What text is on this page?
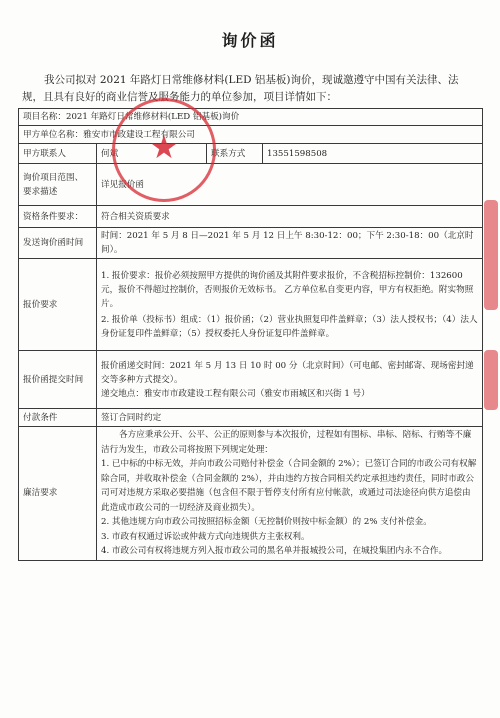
询价函
我公司拟对 2021 年路灯日常维修材料(LED 铝基板)询价，现诚邀遵守中国有关法律、法规，且具有良好的商业信誉及服务能力的单位参加，项目详情如下：
项目名称：2021 年路灯日常维修材料(LED 铝基板)询价			
甲方单位名称：雅安市市政建设工程有限公司			
甲方联系人	何斌	联系方式	13551598508
询价项目范围、
要求描述	详见报价函		
资格条件要求：	符合相关资质要求		
发送询价函时间	时间：2021 年 5 月 8 日—2021 年 5 月 12 日上午 8:30-12：00；下午 2:30-18：00（北京时间）。		
报价要求	1. 报价要求：报价必须按照甲方提供的询价函及其附件要求报价，不含税招标控制价：132600 元，报价不得超过控制价，否则报价无效标书。 乙方单位私自变更内容，甲方有权拒绝。附实物照片。
2. 报价单（投标书）组成：（1）报价函；（2）营业执照复印件盖鲜章；（3）法人授权书；（4）法人身份证复印件盖鲜章；（5）授权委托人身份证复印件盖鲜章。		

报价函提交时间	报价函递交时间：2021 年 5 月 13 日 10 时 00 分（北京时间）（可电邮、密封邮寄、现场密封递交等多种方式提交）。
递交地点：雅安市市政建设工程有限公司（雅安市雨城区和兴街 1 号）		

付款条件	签订合同时约定		
廉洁要求	各方应秉承公开、公平、公正的原则参与本次报价，过程如有围标、串标、陪标、行贿等不廉洁行为发生，市政公司将按照下列规定处理：
1. 已中标的中标无效，并向市政公司赔付补偿金（合同金额的 2%）；已签订合同的市政公司有权解除合同，并收取补偿金（合同金额的 2%），并由违约方按合同相关约定承担违约责任，同时市政公司可对违规方采取必要措施（包含但不限于暂停支付所有应付帐款，或通过司法途径向供方追偿由此造成市政公司的一切经济及商业损失）。
2. 其他违规方向市政公司按照招标金额（无控制价则按中标金额）的 2% 支付补偿金。
3. 市政有权通过诉讼或仲裁方式向违规供方主张权利。
4. 市政公司有权将违规方列入报市政公司的黑名单并报城投公司，在城投集团内永不合作。		
★
